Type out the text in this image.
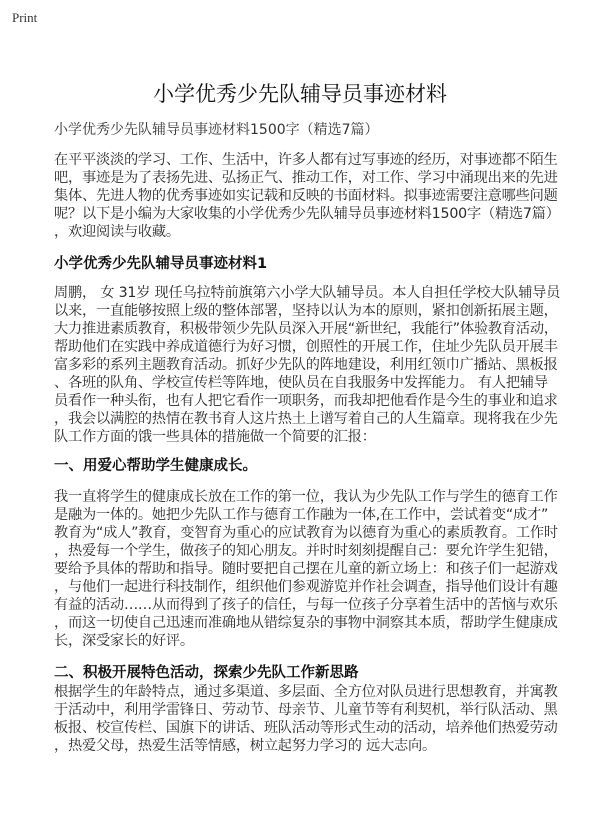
Print
小学优秀少先队辅导员事迹材料
小学优秀少先队辅导员事迹材料1500字（精选7篇）
在平平淡淡的学习、工作、生活中，许多人都有过写事迹的经历，对事迹都不陌生
吧，事迹是为了表扬先进、弘扬正气、推动工作，对工作、学习中涌现出来的先进
集体、先进人物的优秀事迹如实记载和反映的书面材料。拟事迹需要注意哪些问题
呢？以下是小编为大家收集的小学优秀少先队辅导员事迹材料1500字（精选7篇）
，欢迎阅读与收藏。
小学优秀少先队辅导员事迹材料1
周鹏， 女 31岁 现任乌拉特前旗第六小学大队辅导员。本人自担任学校大队辅导员
以来，一直能够按照上级的整体部署，坚持以认为本的原则，紧扣创新拓展主题，
大力推进素质教育，积极带领少先队员深入开展“新世纪，我能行”体验教育活动，
帮助他们在实践中养成道德行为好习惯，创照性的开展工作，住址少先队员开展丰
富多彩的系列主题教育活动。抓好少先队的阵地建设，利用红领巾广播站、黑板报
、各班的队角、学校宣传栏等阵地，使队员在自我服务中发挥能力。 有人把辅导
员看作一种头衔，也有人把它看作一项职务，而我却把他看作是今生的事业和追求
，我会以满腔的热情在教书育人这片热土上谱写着自己的人生篇章。现将我在少先
队工作方面的饿一些具体的措施做一个简要的汇报：
一、用爱心帮助学生健康成长。
我一直将学生的健康成长放在工作的第一位，我认为少先队工作与学生的德育工作
是融为一体的。她把少先队工作与德育工作融为一体,在工作中，尝试着变“成才”
教育为“成人”教育，变智育为重心的应试教育为以德育为重心的素质教育。工作时
，热爱每一个学生，做孩子的知心朋友。并时时刻刻提醒自己：要允许学生犯错，
要给予具体的帮助和指导。随时要把自己摆在儿童的新立场上：和孩子们一起游戏
，与他们一起进行科技制作，组织他们参观游览并作社会调查，指导他们设计有趣
有益的活动……从而得到了孩子的信任，与每一位孩子分享着生活中的苦恼与欢乐
，而这一切使自己迅速而准确地从错综复杂的事物中洞察其本质，帮助学生健康成
长，深受家长的好评。
二、积极开展特色活动，探索少先队工作新思路
根据学生的年龄特点，通过多渠道、多层面、全方位对队员进行思想教育，并寓教
于活动中，利用学雷锋日、劳动节、母亲节、儿童节等有利契机，举行队活动、黑
板报、校宣传栏、国旗下的讲话、班队活动等形式生动的活动，培养他们热爱劳动
，热爱父母，热爱生活等情感，树立起努力学习的 远大志向。
